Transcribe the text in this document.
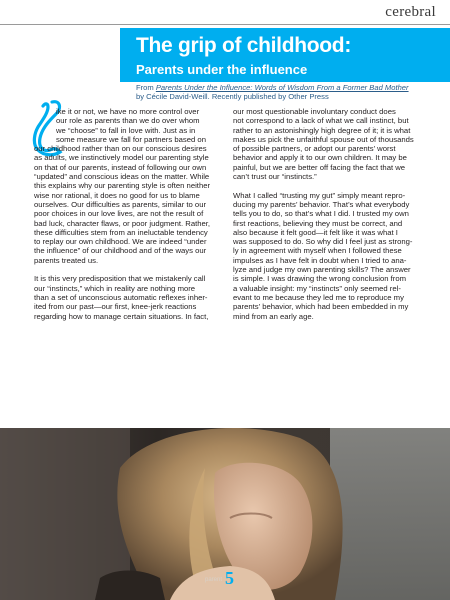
cerebral
The grip of childhood:
Parents under the influence
From Parents Under the Influence: Words of Wisdom From a Former Bad Mother
by Cécile David-Weill. Recently published by Other Press

ike it or not, we have no more control over
our role as parents than we do over whom
we “choose” to fall in love with. Just as in
some measure we fall for partners based on
our childhood rather than on our conscious desires
as adults, we instinctively model our parenting style
on that of our parents, instead of following our own
“updated” and conscious ideas on the matter. While
this explains why our parenting style is often neither
wise nor rational, it does no good for us to blame
ourselves. Our difficulties as parents, similar to our
poor choices in our love lives, are not the result of
bad luck, character flaws, or poor judgment. Rather,
these difficulties stem from an ineluctable tendency
to replay our own childhood. We are indeed “under
the influence” of our childhood and of the ways our
parents treated us.

It is this very predisposition that we mistakenly call
our “instincts,” which in reality are nothing more
than a set of unconscious automatic reflexes inher-
ited from our past—our first, knee-jerk reactions
regarding how to manage certain situations. In fact,

our most questionable involuntary conduct does
not correspond to a lack of what we call instinct, but
rather to an astonishingly high degree of it; it is what
makes us pick the unfaithful spouse out of thousands
of possible partners, or adopt our parents’ worst
behavior and apply it to our own children. It may be
painful, but we are better off facing the fact that we
can’t trust our “instincts.”

What I called “trusting my gut” simply meant repro-
ducing my parents’ behavior. That’s what everybody
tells you to do, so that’s what I did. I trusted my own
first reactions, believing they must be correct, and
also because it felt good—it felt like it was what I
was supposed to do. So why did I feel just as strong-
ly in agreement with myself when I followed these
impulses as I have felt in doubt when I tried to ana-
lyze and judge my own parenting skills? The answer
is simple. I was drawing the wrong conclusion from
a valuable insight: my “instincts” only seemed rel-
evant to me because they led me to reproduce my
parents’ behavior, which had been embedded in my
mind from an early age.

parent 5
